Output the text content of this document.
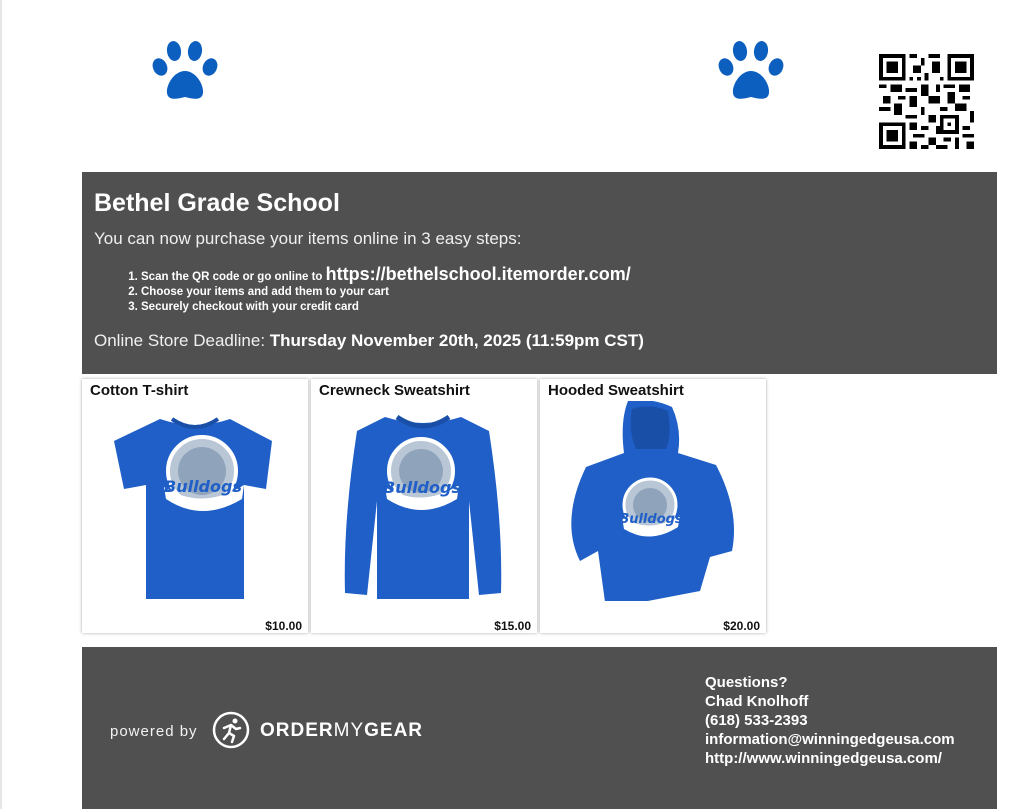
Bethel Grade School
You can now purchase your items online in 3 easy steps:
1. Scan the QR code or go online to https://bethelschool.itemorder.com/
2. Choose your items and add them to your cart
3. Securely checkout with your credit card
Online Store Deadline: Thursday November 20th, 2025 (11:59pm CST)
Cotton T-shirt
Bulldogs
$10.00
Crewneck Sweatshirt
Bulldogs
$15.00
Hooded Sweatshirt
Bulldogs
$20.00
powered by	ORDERMYGEAR
Questions?
Chad Knolhoff
(618) 533-2393
information@winningedgeusa.com
http://www.winningedgeusa.com/
